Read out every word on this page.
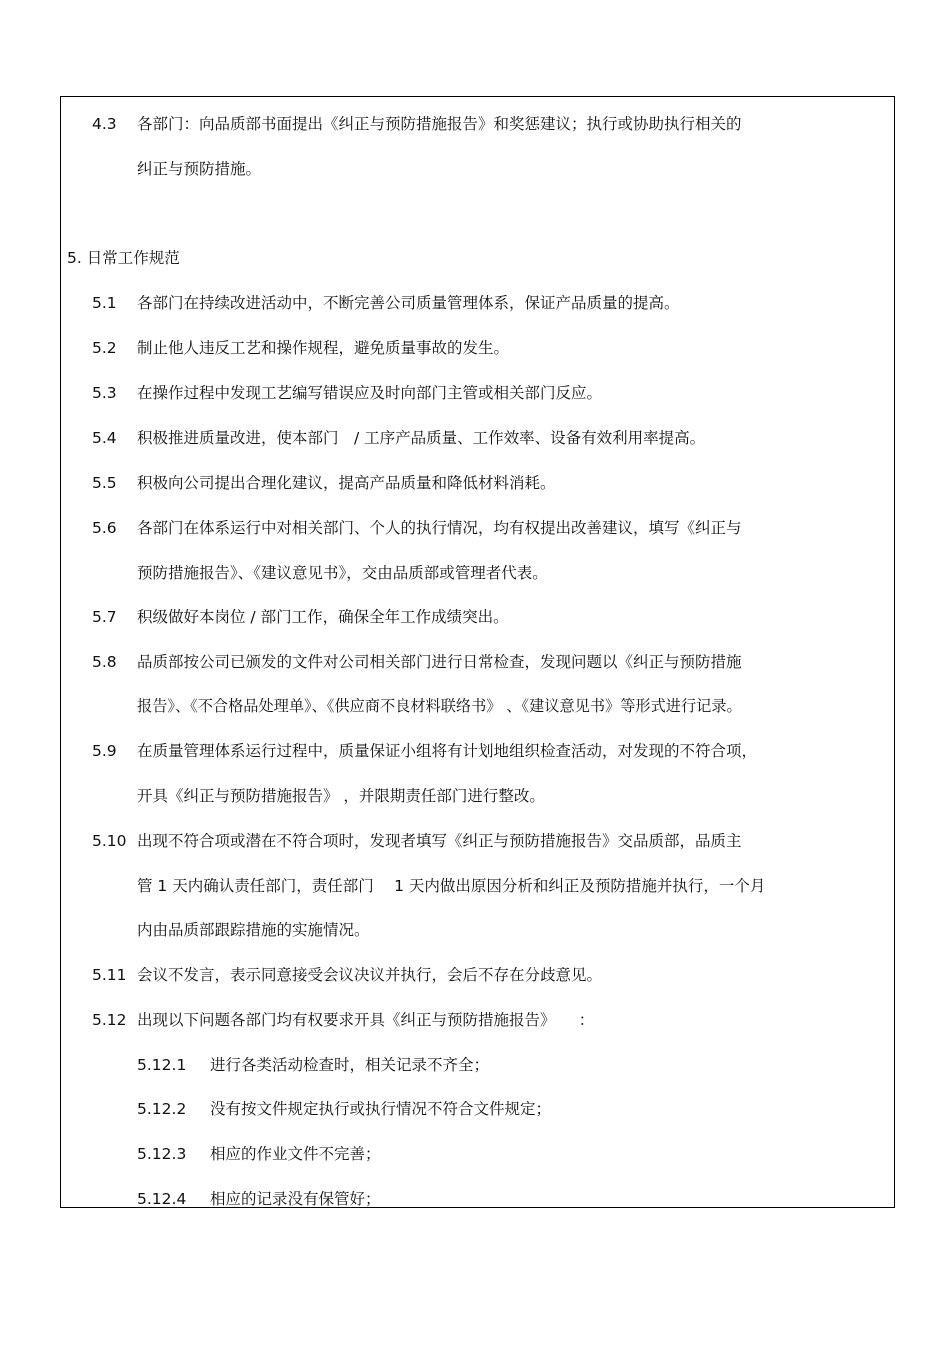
4.3 各部门：向品质部书面提出《纠正与预防措施报告》和奖惩建议；执行或协助执行相关的
纠正与预防措施。
5. 日常工作规范
5.1 各部门在持续改进活动中，不断完善公司质量管理体系，保证产品质量的提高。
5.2 制止他人违反工艺和操作规程，避免质量事故的发生。
5.3 在操作过程中发现工艺编写错误应及时向部门主管或相关部门反应。
5.4 积极推进质量改进，使本部门　/ 工序产品质量、工作效率、设备有效利用率提高。
5.5 积极向公司提出合理化建议，提高产品质量和降低材料消耗。
5.6 各部门在体系运行中对相关部门、个人的执行情况，均有权提出改善建议，填写《纠正与
预防措施报告》、《建议意见书》，交由品质部或管理者代表。
5.7 积级做好本岗位 / 部门工作，确保全年工作成绩突出。
5.8 品质部按公司已颁发的文件对公司相关部门进行日常检查，发现问题以《纠正与预防措施
报告》、《不合格品处理单》、《供应商不良材料联络书》 、《建议意见书》等形式进行记录。
5.9 在质量管理体系运行过程中，质量保证小组将有计划地组织检查活动，对发现的不符合项，
开具《纠正与预防措施报告》 ，并限期责任部门进行整改。
5.10 出现不符合项或潜在不符合项时，发现者填写《纠正与预防措施报告》交品质部，品质主
管 1 天内确认责任部门，责任部门　 1 天内做出原因分析和纠正及预防措施并执行，一个月
内由品质部跟踪措施的实施情况。
5.11 会议不发言，表示同意接受会议决议并执行，会后不存在分歧意见。
5.12 出现以下问题各部门均有权要求开具《纠正与预防措施报告》　　：
5.12.1 进行各类活动检查时，相关记录不齐全；
5.12.2 没有按文件规定执行或执行情况不符合文件规定；
5.12.3 相应的作业文件不完善；
5.12.4 相应的记录没有保管好；
